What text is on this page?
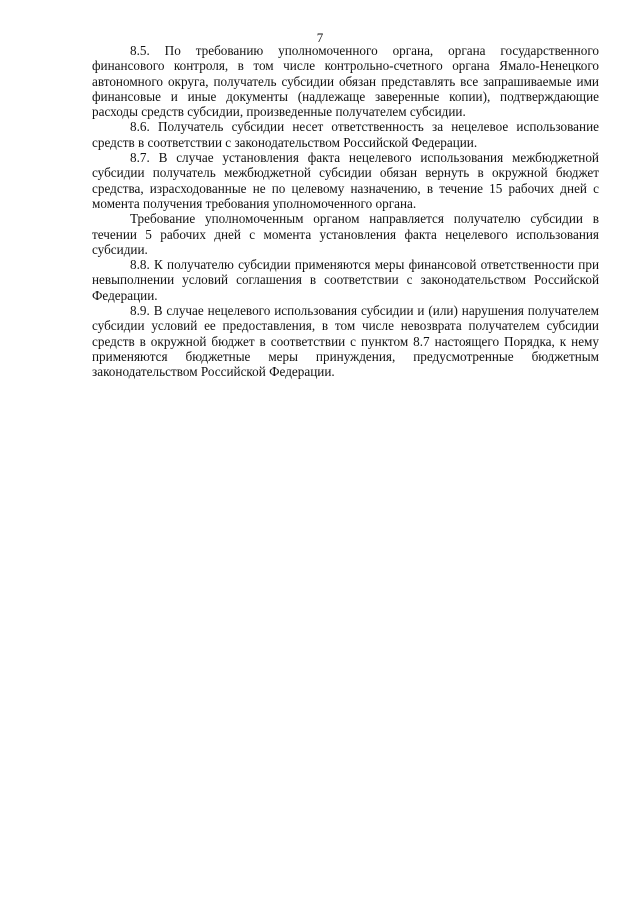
7

8.5. По требованию уполномоченного органа, органа государственного финансового контроля, в том числе контрольно-счетного органа Ямало-Ненецкого автономного округа, получатель субсидии обязан представлять все запрашиваемые ими финансовые и иные документы (надлежаще заверенные копии), подтверждающие расходы средств субсидии, произведенные получателем субсидии.

8.6. Получатель субсидии несет ответственность за нецелевое использование средств в соответствии с законодательством Российской Федерации.

8.7. В случае установления факта нецелевого использования межбюджетной субсидии получатель межбюджетной субсидии обязан вернуть в окружной бюджет средства, израсходованные не по целевому назначению, в течение 15 рабочих дней с момента получения требования уполномоченного органа.

Требование уполномоченным органом направляется получателю субсидии в течении 5 рабочих дней с момента установления факта нецелевого использования субсидии.

8.8. К получателю субсидии применяются меры финансовой ответственности при невыполнении условий соглашения в соответствии с законодательством Российской Федерации.

8.9. В случае нецелевого использования субсидии и (или) нарушения получателем субсидии условий ее предоставления, в том числе невозврата получателем субсидии средств в окружной бюджет в соответствии с пунктом 8.7 настоящего Порядка, к нему применяются бюджетные меры принуждения, предусмотренные бюджетным законодательством Российской Федерации.
